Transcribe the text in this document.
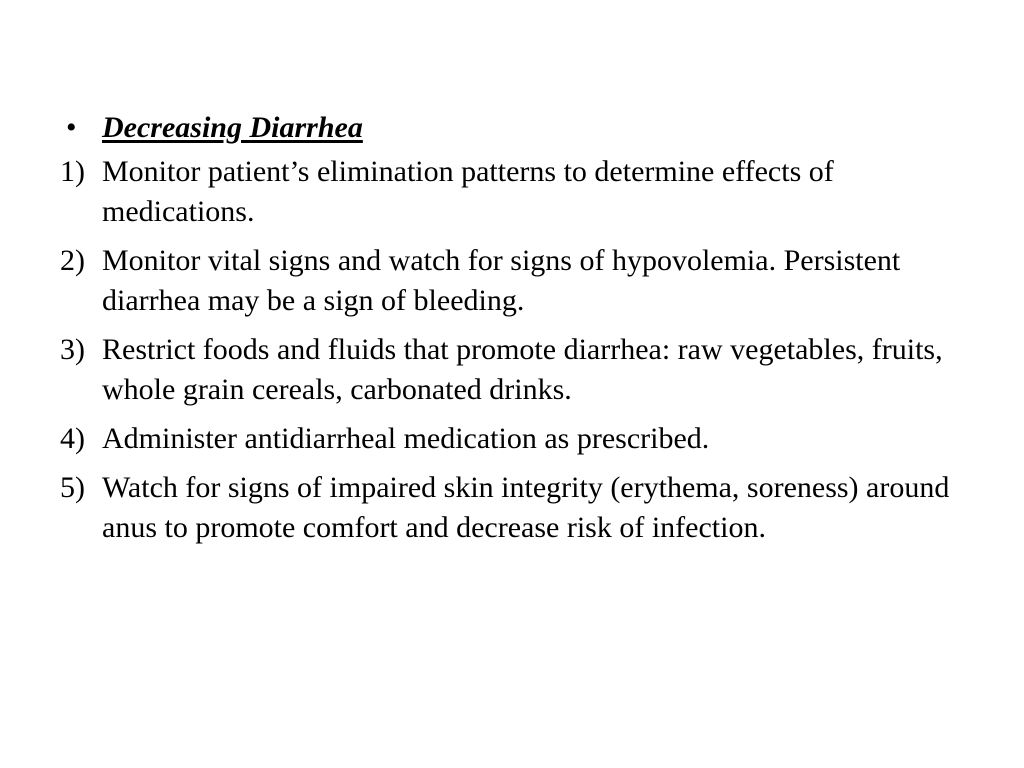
• Decreasing Diarrhea
1) Monitor patient’s elimination patterns to determine effects of medications.
2) Monitor vital signs and watch for signs of hypovolemia. Persistent diarrhea may be a sign of bleeding.
3) Restrict foods and fluids that promote diarrhea: raw vegetables, fruits, whole grain cereals, carbonated drinks.
4) Administer antidiarrheal medication as prescribed.
5) Watch for signs of impaired skin integrity (erythema, soreness) around anus to promote comfort and decrease risk of infection.
